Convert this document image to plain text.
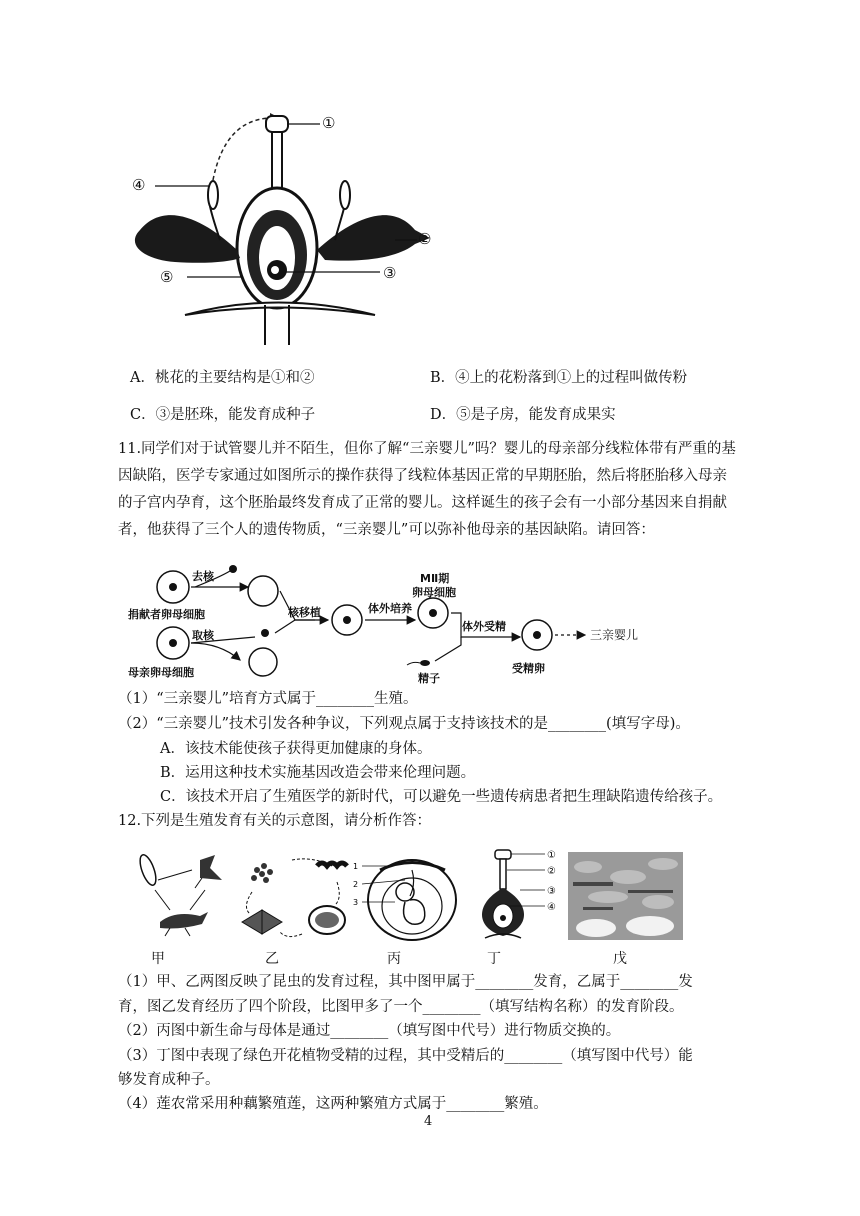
①
②
③
④
⑤
A．桃花的主要结构是①和②	B．④上的花粉落到①上的过程叫做传粉
C．③是胚珠，能发育成种子	D．⑤是子房，能发育成果实
11.同学们对于试管婴儿并不陌生，但你了解“三亲婴儿”吗？婴儿的母亲部分线粒体带有严重的基因缺陷，医学专家通过如图所示的操作获得了线粒体基因正常的早期胚胎，然后将胚胎移入母亲的子宫内孕育，这个胚胎最终发育成了正常的婴儿。这样诞生的孩子会有一小部分基因来自捐献者，他获得了三个人的遗传物质，“三亲婴儿”可以弥补他母亲的基因缺陷。请回答：
捐献者卵母细胞
母亲卵母细胞
去核
取核
核移植	体外培养
MⅡ期
卵母细胞
体外受精
精子
受精卵
三亲婴儿
（1）“三亲婴儿”培育方式属于________生殖。
（2）“三亲婴儿”技术引发各种争议，下列观点属于支持该技术的是________(填写字母)。
A．该技术能使孩子获得更加健康的身体。
B．运用这种技术实施基因改造会带来伦理问题。
C．该技术开启了生殖医学的新时代，可以避免一些遗传病患者把生理缺陷遗传给孩子。
12.下列是生殖发育有关的示意图，请分析作答：
1
2
3
①
②
③
④
甲	乙	丙	丁	戊
（1）甲、乙两图反映了昆虫的发育过程，其中图甲属于________发育，乙属于________发
育，图乙发育经历了四个阶段，比图甲多了一个________（填写结构名称）的发育阶段。
（2）丙图中新生命与母体是通过________（填写图中代号）进行物质交换的。
（3）丁图中表现了绿色开花植物受精的过程，其中受精后的________（填写图中代号）能
够发育成种子。
（4）莲农常采用种藕繁殖莲，这两种繁殖方式属于________繁殖。
4
